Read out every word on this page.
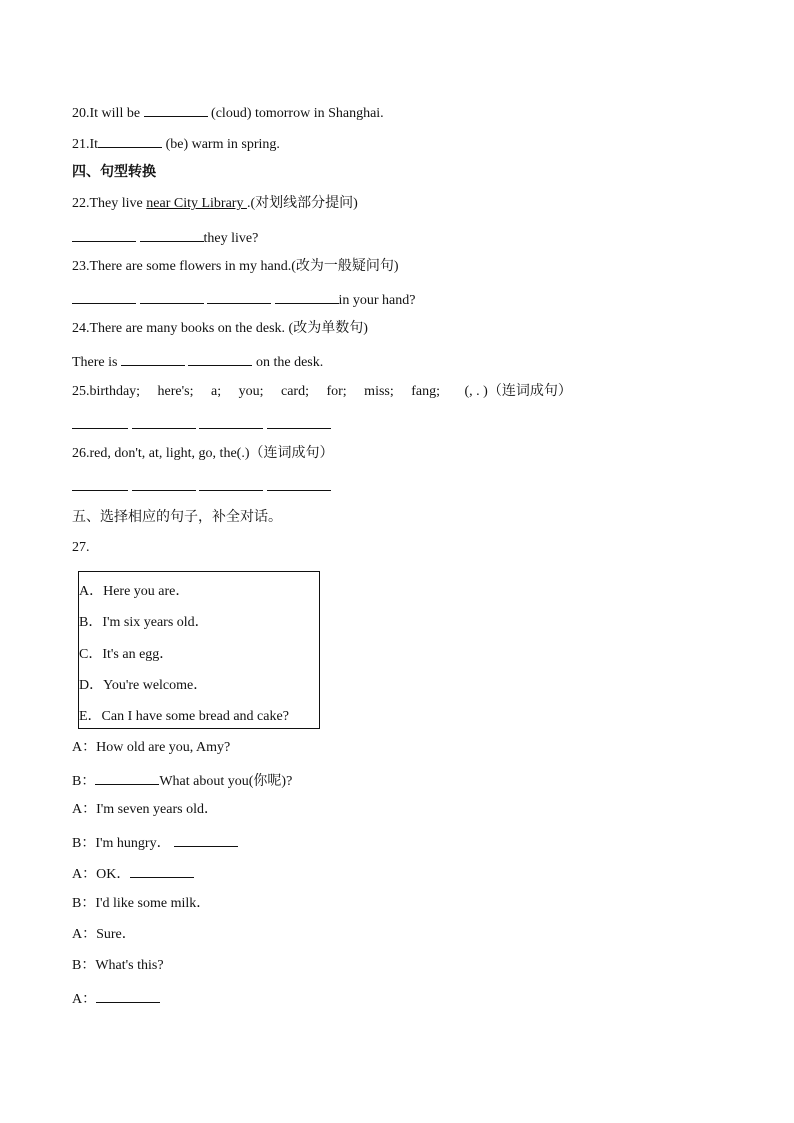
20.It will be	(cloud) tomorrow in Shanghai.
21.It	(be) warm in spring.
四、句型转换
22.They live near City Library .(对划线部分提问)
they live?
23.There are some flowers in my hand.(改为一般疑问句)
in your hand?
24.There are many books on the desk. (改为单数句)
There is	on the desk.
25.birthday;     here's;     a;     you;     card;     for;     miss;     fang;       (, . )（连词成句）

26.red, don't, at, light, go, the(.)（连词成句）

五、选择相应的句子，补全对话。
27.
A．Here you are．
B．I'm six years old．
C．It's an egg．
D．You're welcome．
E．Can I have some bread and cake?
A：How old are you, Amy?
B：	What about you(你呢)?
A：I'm seven years old．
B：I'm hungry．
A：OK．
B：I'd like some milk．
A：Sure．
B：What's this?
A：
